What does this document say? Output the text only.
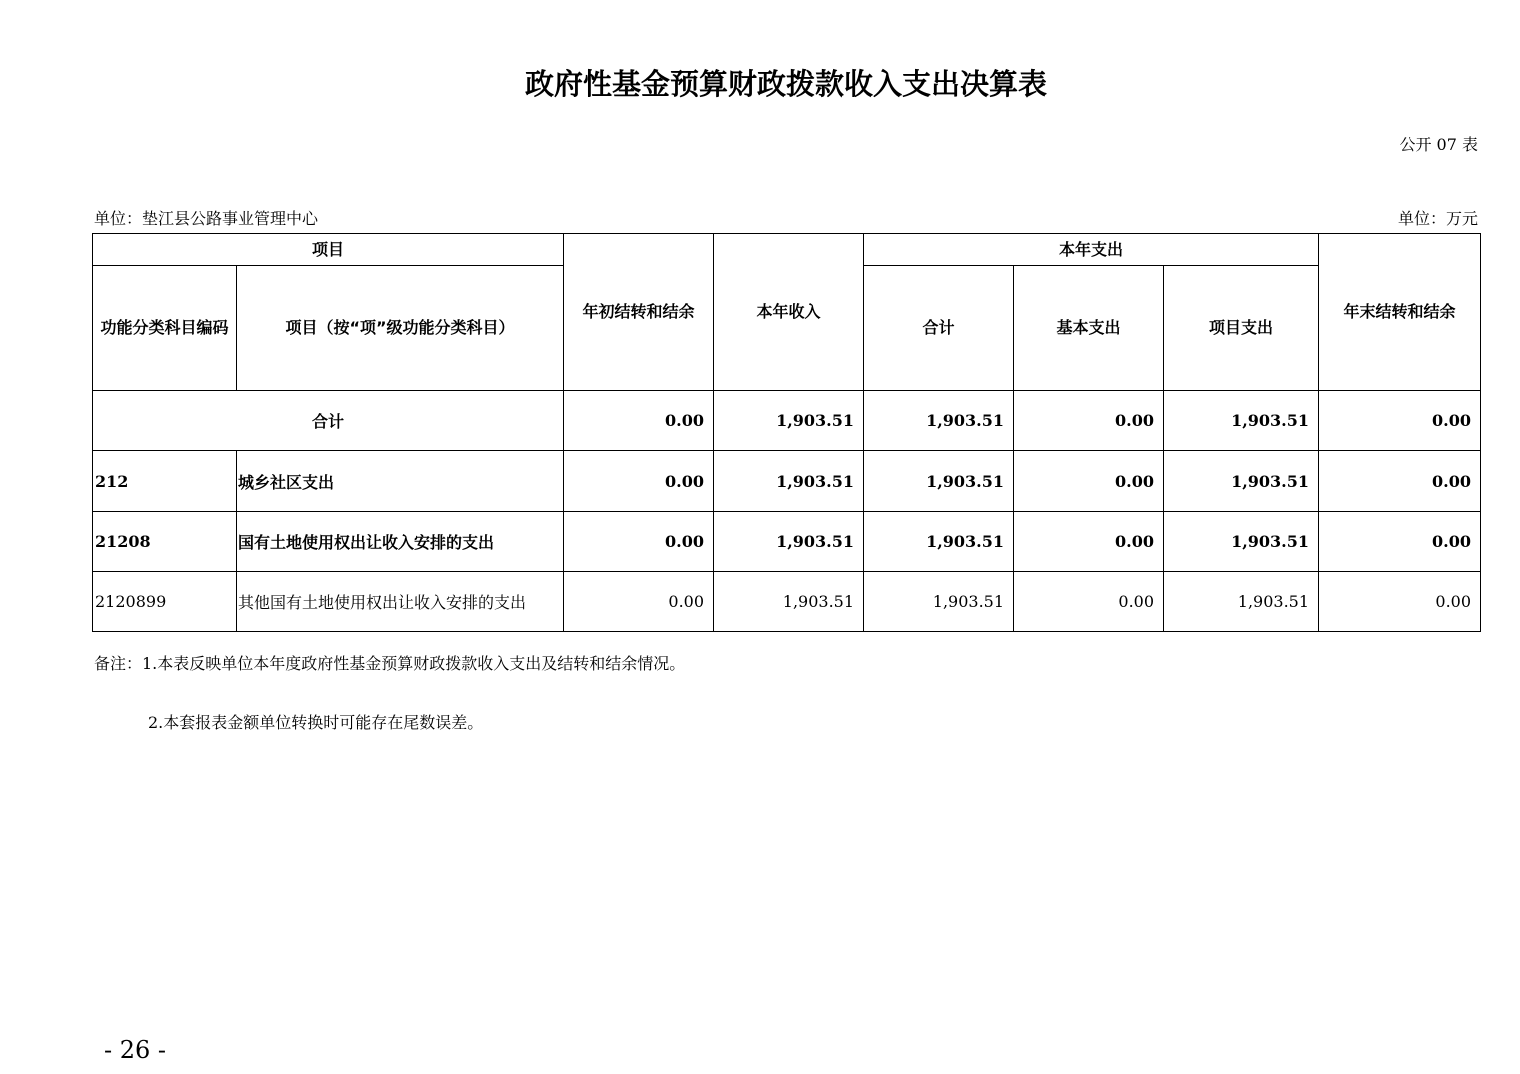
政府性基金预算财政拨款收入支出决算表
公开 07 表
单位：垫江县公路事业管理中心	单位：万元
项目		年初结转和结余	本年收入	本年支出			年末结转和结余
功能分类科目编码	项目（按“项”级功能分类科目）			合计	基本支出	项目支出	
合计		0.00	1,903.51	1,903.51	0.00	1,903.51	0.00
212	城乡社区支出	0.00	1,903.51	1,903.51	0.00	1,903.51	0.00
21208	国有土地使用权出让收入安排的支出	0.00	1,903.51	1,903.51	0.00	1,903.51	0.00
2120899	其他国有土地使用权出让收入安排的支出	0.00	1,903.51	1,903.51	0.00	1,903.51	0.00
备注：1.本表反映单位本年度政府性基金预算财政拨款收入支出及结转和结余情况。
2.本套报表金额单位转换时可能存在尾数误差。
- 26 -
